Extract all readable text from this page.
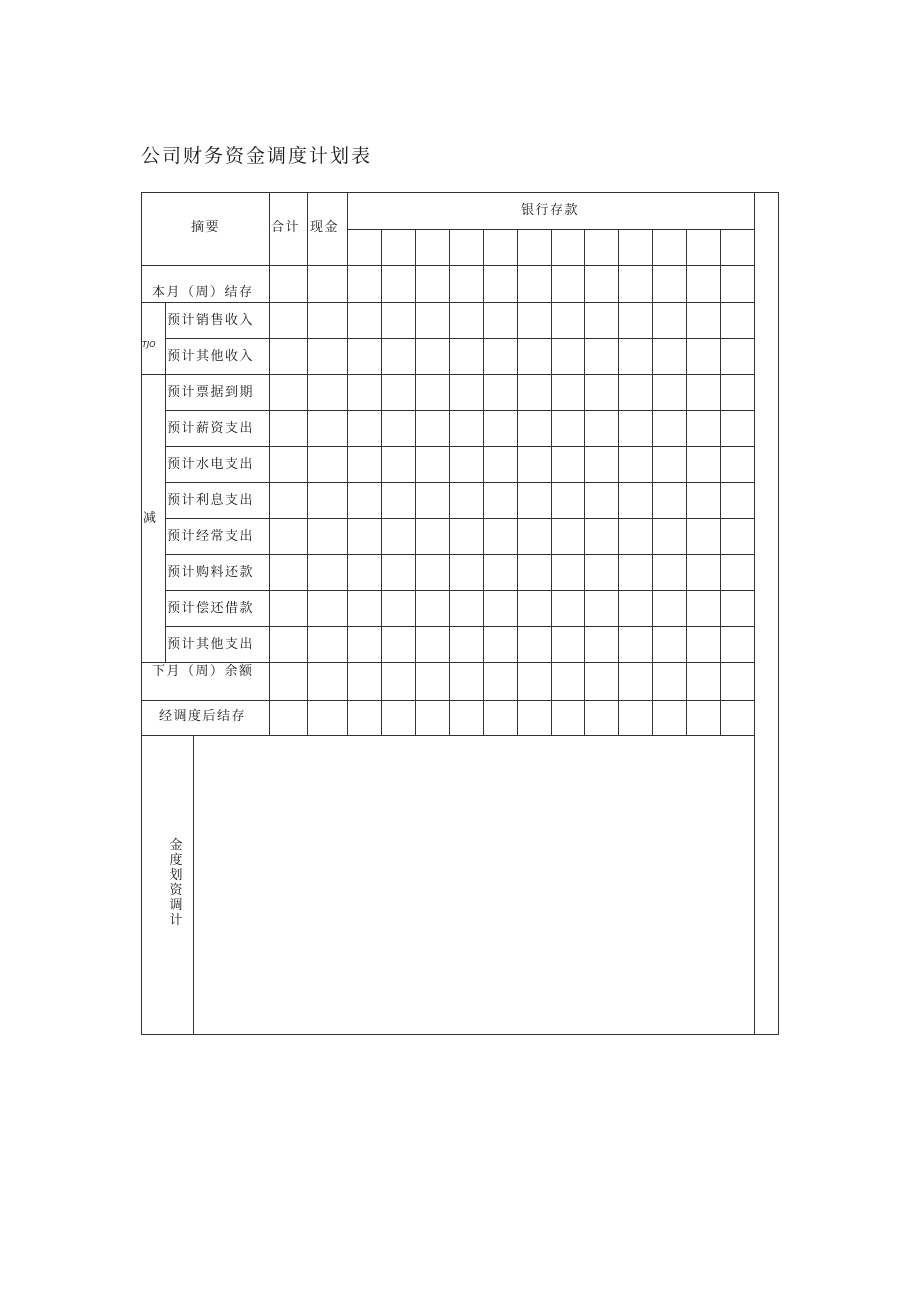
公司财务资金调度计划表
摘要	合计 现金
银行存款
本月（周）结存
TJO
预计销售收入
预计其他收入
减
预计票据到期
预计薪资支出
预计水电支出
预计利息支出
预计经常支出
预计购料还款
预计偿还借款
预计其他支出
下月（周）余额
经调度后结存
金度划资调计
